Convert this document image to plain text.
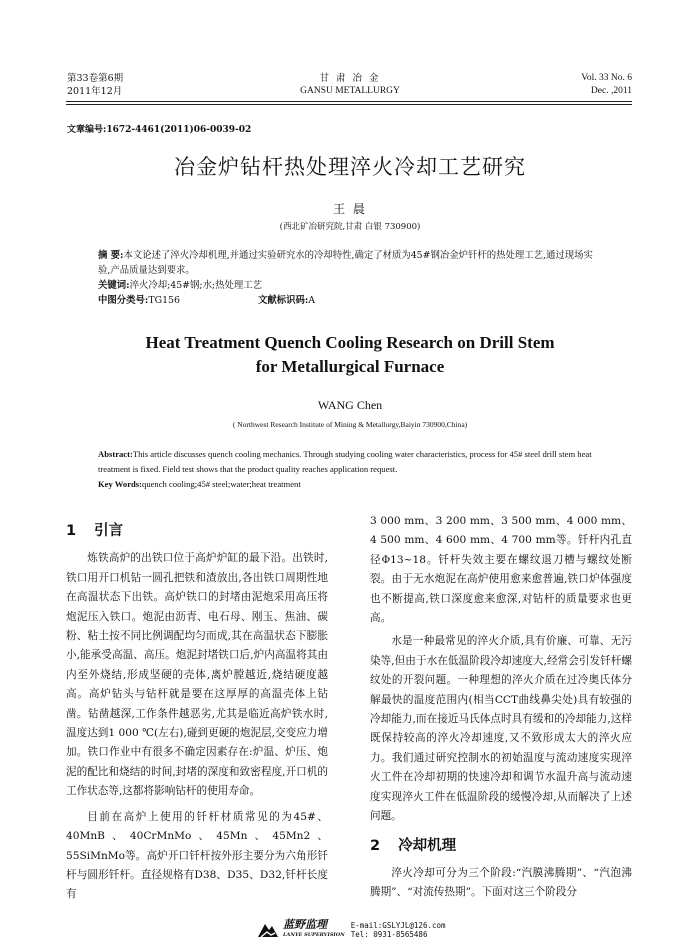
第33卷第6期
2011年12月
甘 肃 冶 金
GANSU METALLURGY
Vol. 33 No. 6
Dec. ,2011
文章编号:1672-4461(2011)06-0039-02
冶金炉钻杆热处理淬火冷却工艺研究
王 晨
(西北矿冶研究院,甘肃 白银 730900)
摘 要:本文论述了淬火冷却机理,并通过实验研究水的冷却特性,确定了材质为45#钢冶金炉钎杆的热处理工艺,通过现场实验,产品质量达到要求。
关键词:淬火冷却;45#钢;水;热处理工艺
中图分类号:TG156	文献标识码:A
Heat Treatment Quench Cooling Research on Drill Stem
for Metallurgical Furnace
WANG Chen
( Northwest Research Institute of Mining & Metallurgy,Baiyin 730900,China)
Abstract:This article discusses quench cooling mechanics. Through studying cooling water characteristics, process for 45# steel drill stem heat treatment is fixed. Field test shows that the product quality reaches application request.
Key Words:quench cooling;45# steel;water;heat treatment
1 引言

炼铁高炉的出铁口位于高炉炉缸的最下沿。出铁时,铁口用开口机钻一圆孔把铁和渣放出,各出铁口周期性地在高温状态下出铁。高炉铁口的封堵由泥炮采用高压将炮泥压入铁口。炮泥由沥青、电石母、刚玉、焦油、碳粉、粘土按不同比例调配均匀而成,其在高温状态下膨胀小,能承受高温、高压。炮泥封堵铁口后,炉内高温将其由内至外烧结,形成坚硬的壳体,离炉膛越近,烧结硬度越高。高炉钻头与钻杆就是要在这厚厚的高温壳体上钻凿。钻凿越深,工作条件越恶劣,尤其是临近高炉铁水时,温度达到1 000 ℃(左右),碰到更硬的炮泥层,交变应力增加。铁口作业中有很多不确定因素存在:炉温、炉压、炮泥的配比和烧结的时间,封堵的深度和致密程度,开口机的工作状态等,这都将影响钻杆的使用寿命。

目前在高炉上使用的钎杆材质常见的为45#、40MnB、40CrMnMo、45Mn、45Mn2、55SiMnMo等。高炉开口钎杆按外形主要分为六角形钎杆与圆形钎杆。直径规格有D38、D35、D32,钎杆长度有

3 000 mm、3 200 mm、3 500 mm、4 000 mm、4 500 mm、4 600 mm、4 700 mm等。钎杆内孔直径Φ13~18。钎杆失效主要在螺纹退刀槽与螺纹处断裂。由于无水炮泥在高炉使用愈来愈普遍,铁口炉体强度也不断提高,铁口深度愈来愈深,对钻杆的质量要求也更高。

水是一种最常见的淬火介质,具有价廉、可靠、无污染等,但由于水在低温阶段冷却速度大,经常会引发钎杆螺纹处的开裂问题。一种理想的淬火介质在过冷奥氏体分解最快的温度范围内(相当CCT曲线鼻尖处)具有较强的冷却能力,而在接近马氏体点时具有缓和的冷却能力,这样既保持较高的淬火冷却速度,又不致形成太大的淬火应力。我们通过研究控制水的初始温度与流动速度实现淬火工件在冷却初期的快速冷却和调节水温升高与流动速度实现淬火工件在低温阶段的缓慢冷却,从而解决了上述问题。

2 冷却机理

淬火冷却可分为三个阶段:“汽膜沸腾期”、“汽泡沸腾期”、“对流传热期”。下面对这三个阶段分

蓝野监理
LANYE SUPERVISION
E-mail:GSLYJL@126.com
Tel: 0931-8565486
